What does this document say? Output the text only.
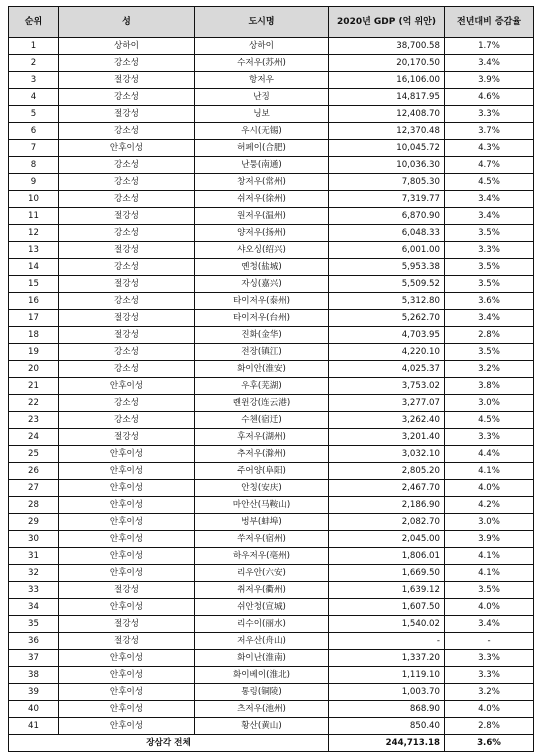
순위	성	도시명	2020년 GDP (억 위안)	전년대비 증감율
1	상하이	상하이	38,700.58	1.7%
2	강소성	수저우(苏州)	20,170.50	3.4%
3	절강성	항저우	16,106.00	3.9%
4	강소성	난징	14,817.95	4.6%
5	절강성	닝보	12,408.70	3.3%
6	강소성	우시(无锡)	12,370.48	3.7%
7	안후이성	허페이(合肥)	10,045.72	4.3%
8	강소성	난퉁(南通)	10,036.30	4.7%
9	강소성	창저우(常州)	7,805.30	4.5%
10	강소성	쉬저우(徐州)	7,319.77	3.4%
11	절강성	원저우(温州)	6,870.90	3.4%
12	강소성	양저우(扬州)	6,048.33	3.5%
13	절강성	샤오싱(绍兴)	6,001.00	3.3%
14	강소성	옌청(盐城)	5,953.38	3.5%
15	절강성	자싱(嘉兴)	5,509.52	3.5%
16	강소성	타이저우(泰州)	5,312.80	3.6%
17	절강성	타이저우(台州)	5,262.70	3.4%
18	절강성	진화(金华)	4,703.95	2.8%
19	강소성	전장(镇江)	4,220.10	3.5%
20	강소성	화이안(淮安)	4,025.37	3.2%
21	안후이성	우후(芜湖)	3,753.02	3.8%
22	강소성	롄윈강(连云港)	3,277.07	3.0%
23	강소성	수첸(宿迁)	3,262.40	4.5%
24	절강성	후저우(湖州)	3,201.40	3.3%
25	안후이성	추저우(滁州)	3,032.10	4.4%
26	안후이성	주어양(阜阳)	2,805.20	4.1%
27	안후이성	안칭(安庆)	2,467.70	4.0%
28	안후이성	마안산(马鞍山)	2,186.90	4.2%
29	안후이성	벙부(蚌埠)	2,082.70	3.0%
30	안후이성	쑤저우(宿州)	2,045.00	3.9%
31	안후이성	하우저우(亳州)	1,806.01	4.1%
32	안후이성	리우안(六安)	1,669.50	4.1%
33	절강성	취저우(衢州)	1,639.12	3.5%
34	안후이성	쉬안청(宣城)	1,607.50	4.0%
35	절강성	리수이(丽水)	1,540.02	3.4%
36	절강성	저우산(舟山)	-	-
37	안후이성	화이난(淮南)	1,337.20	3.3%
38	안후이성	화이베이(淮北)	1,119.10	3.3%
39	안후이성	통링(铜陵)	1,003.70	3.2%
40	안후이성	츠저우(池州)	868.90	4.0%
41	안후이성	황산(黄山)	850.40	2.8%
장삼각 전체			244,713.18	3.6%
